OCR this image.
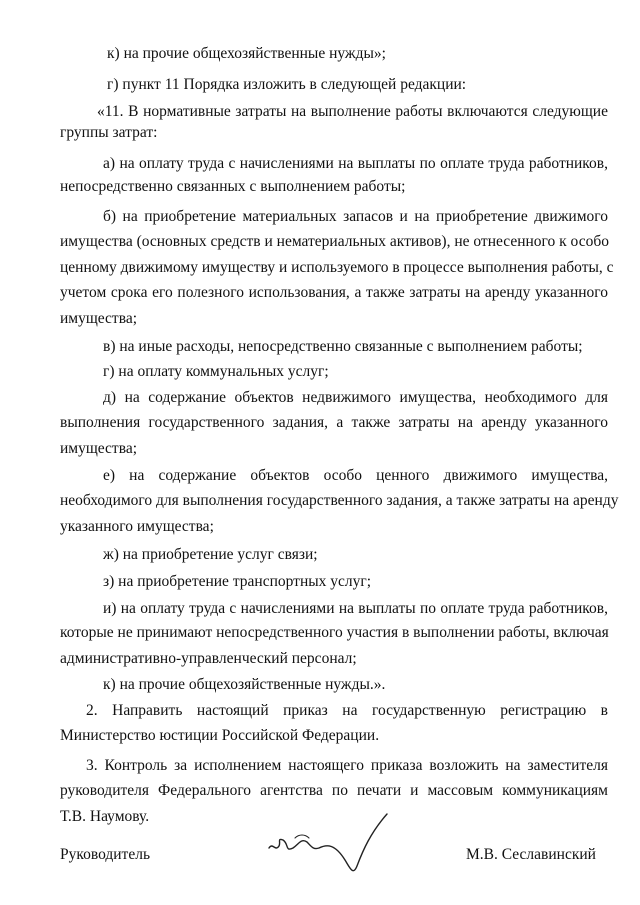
к) на прочие общехозяйственные нужды»;
г) пункт 11 Порядка изложить в следующей редакции:
«11. В нормативные затраты на выполнение работы включаются следующие
группы затрат:
а) на оплату труда с начислениями на выплаты по оплате труда работников,
непосредственно связанных с выполнением работы;
б) на приобретение материальных запасов и на приобретение движимого
имущества (основных средств и нематериальных активов), не отнесенного к особо
ценному движимому имуществу и используемого в процессе выполнения работы, с
учетом срока его полезного использования, а также затраты на аренду указанного
имущества;
в) на иные расходы, непосредственно связанные с выполнением работы;
г) на оплату коммунальных услуг;
д) на содержание объектов недвижимого имущества, необходимого для
выполнения государственного задания, а также затраты на аренду указанного
имущества;
е) на содержание объектов особо ценного движимого имущества,
необходимого для выполнения государственного задания, а также затраты на аренду
указанного имущества;
ж) на приобретение услуг связи;
з) на приобретение транспортных услуг;
и) на оплату труда с начислениями на выплаты по оплате труда работников,
которые не принимают непосредственного участия в выполнении работы, включая
административно-управленческий персонал;
к) на прочие общехозяйственные нужды.».
2. Направить настоящий приказ на государственную регистрацию в
Министерство юстиции Российской Федерации.
3. Контроль за исполнением настоящего приказа возложить на заместителя
руководителя Федерального агентства по печати и массовым коммуникациям
Т.В. Наумову.
Руководитель	М.В. Сеславинский
